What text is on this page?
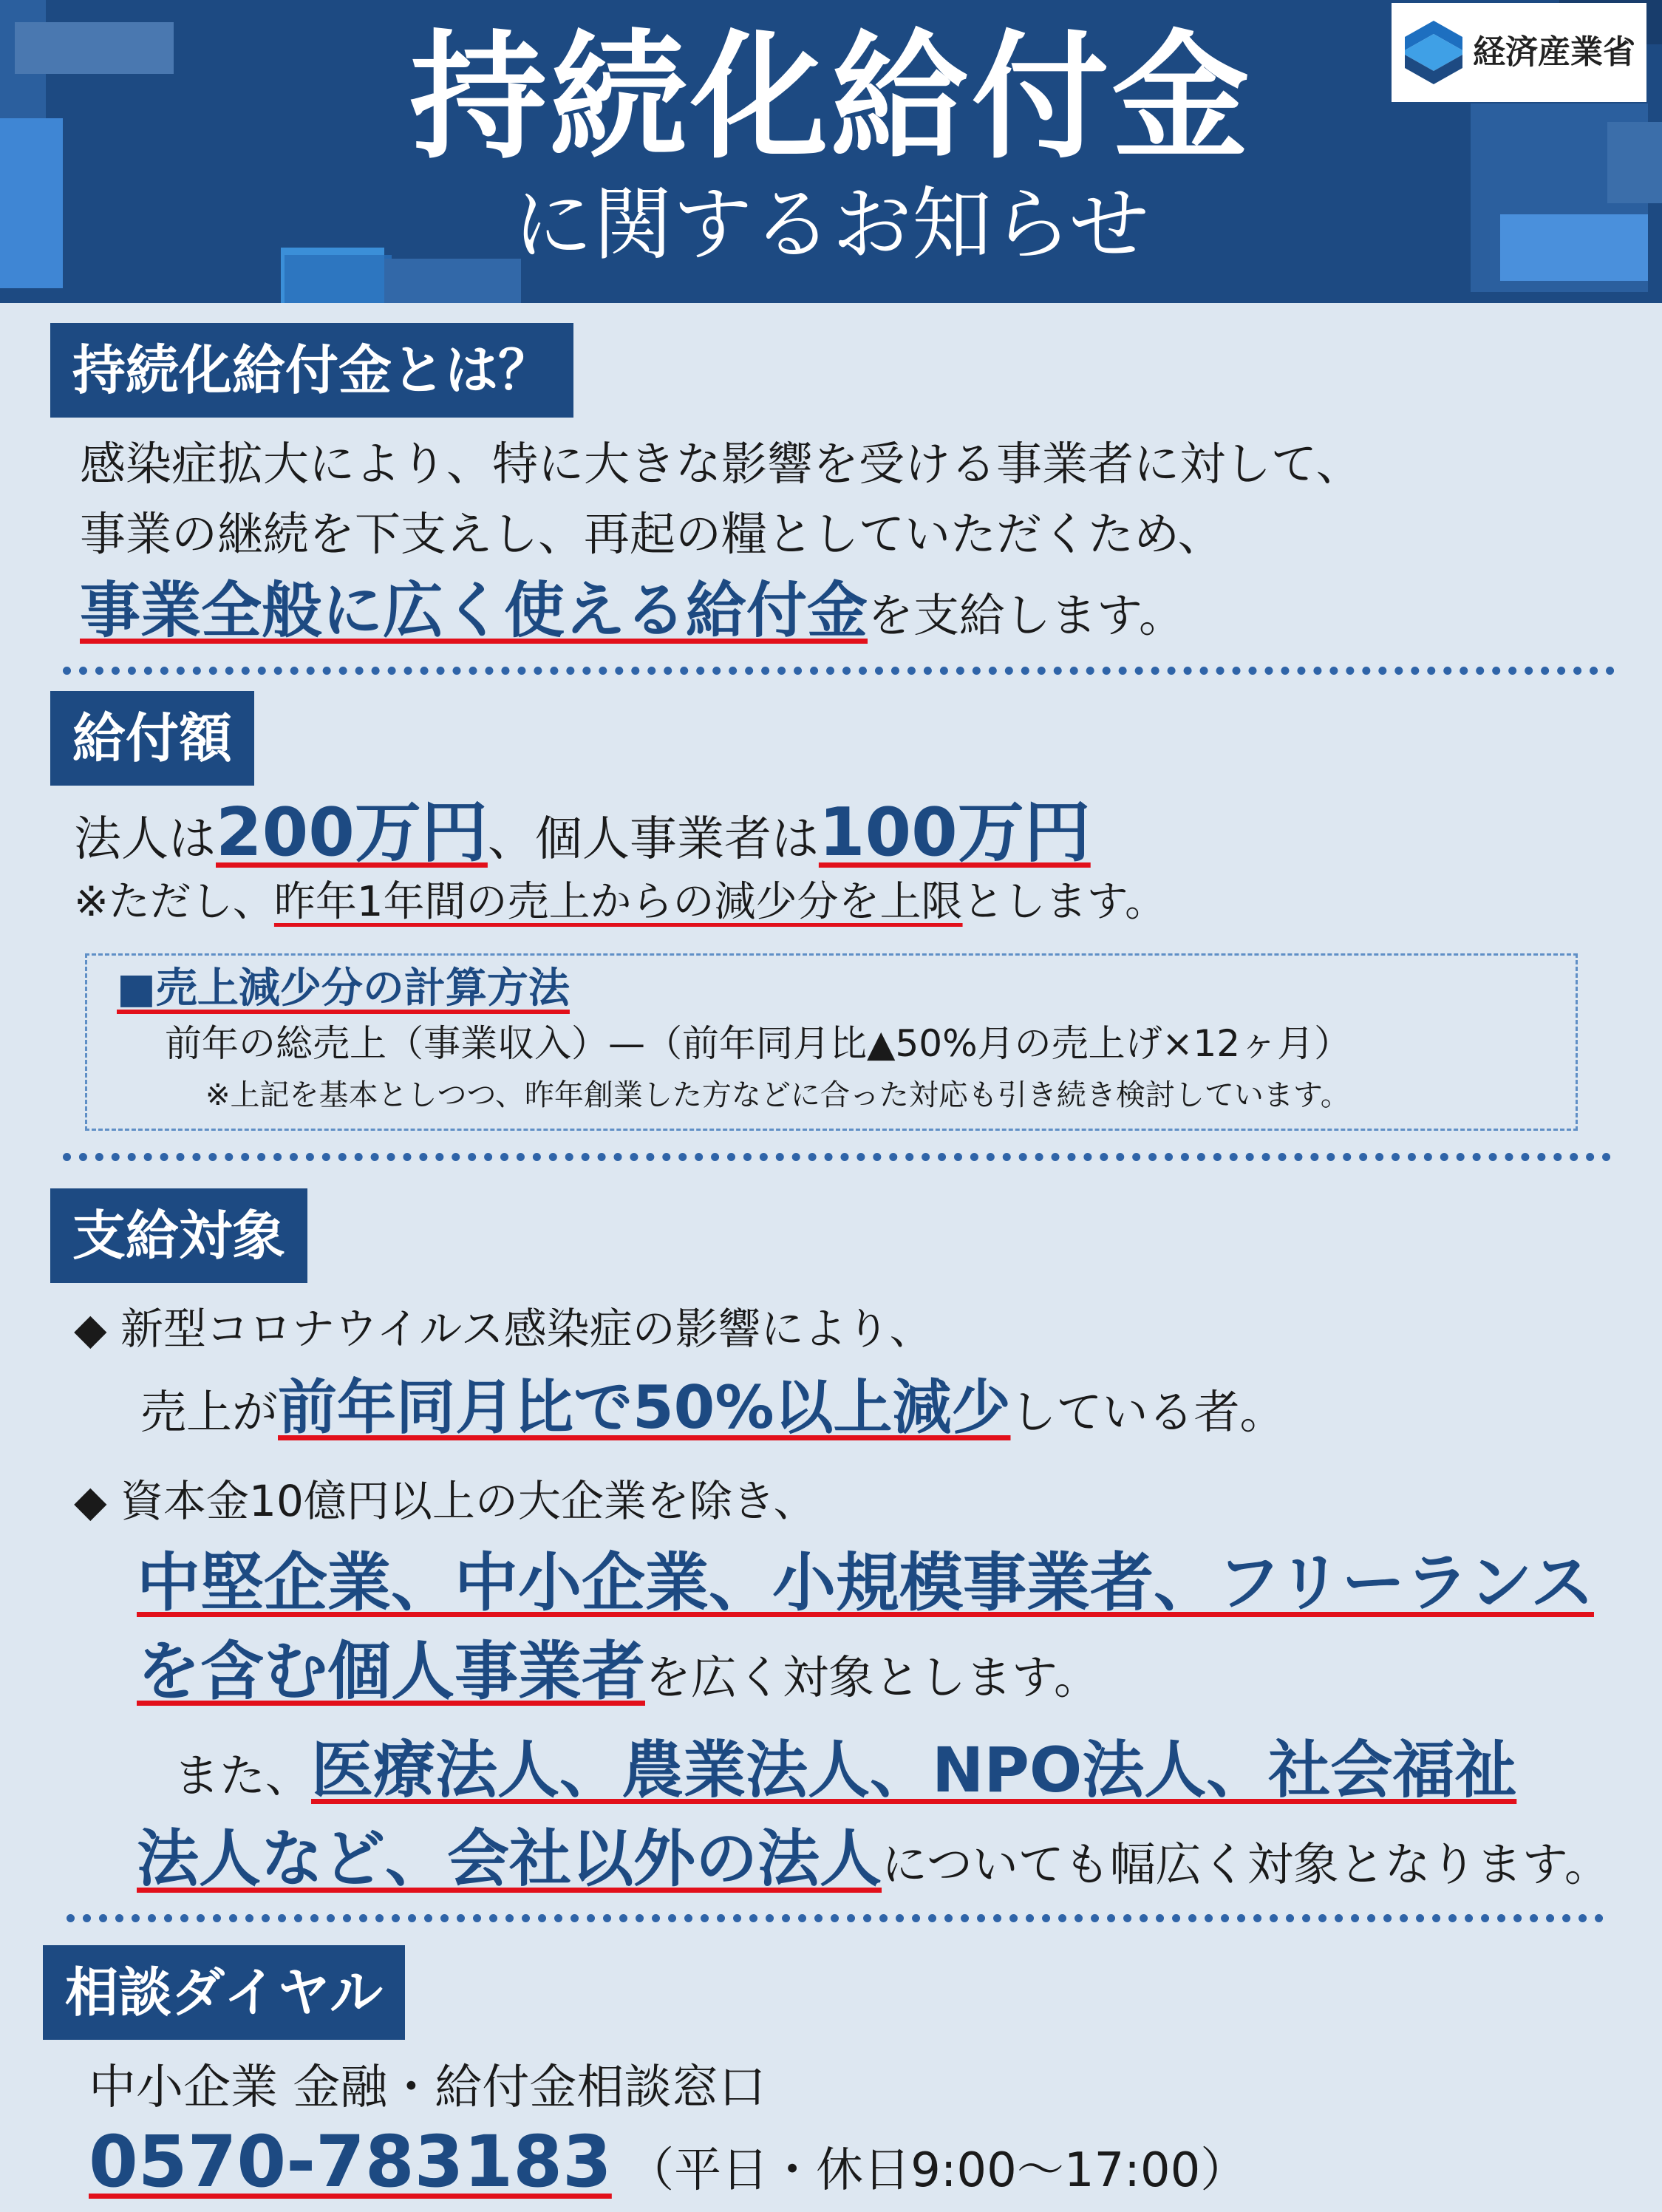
持続化給付金
に関するお知らせ
経済産業省
持続化給付金とは？
感染症拡大により、特に大きな影響を受ける事業者に対して、
事業の継続を下支えし、再起の糧としていただくため、
事業全般に広く使える給付金を支給します。
給付額
法人は200万円、個人事業者は100万円
※ただし、昨年1年間の売上からの減少分を上限とします。
■売上減少分の計算方法
前年の総売上（事業収入）—（前年同月比▲50%月の売上げ×12ヶ月）
※上記を基本としつつ、昨年創業した方などに合った対応も引き続き検討しています。
支給対象
◆ 新型コロナウイルス感染症の影響により、
売上が前年同月比で50%以上減少している者。
◆ 資本金10億円以上の大企業を除き、
中堅企業、中小企業、小規模事業者、フリーランス
を含む個人事業者を広く対象とします。
また、医療法人、農業法人、NPO法人、社会福祉
法人など、会社以外の法人についても幅広く対象となります。
相談ダイヤル
中小企業 金融・給付金相談窓口
0570-783183 （平日・休日9:00～17:00）
